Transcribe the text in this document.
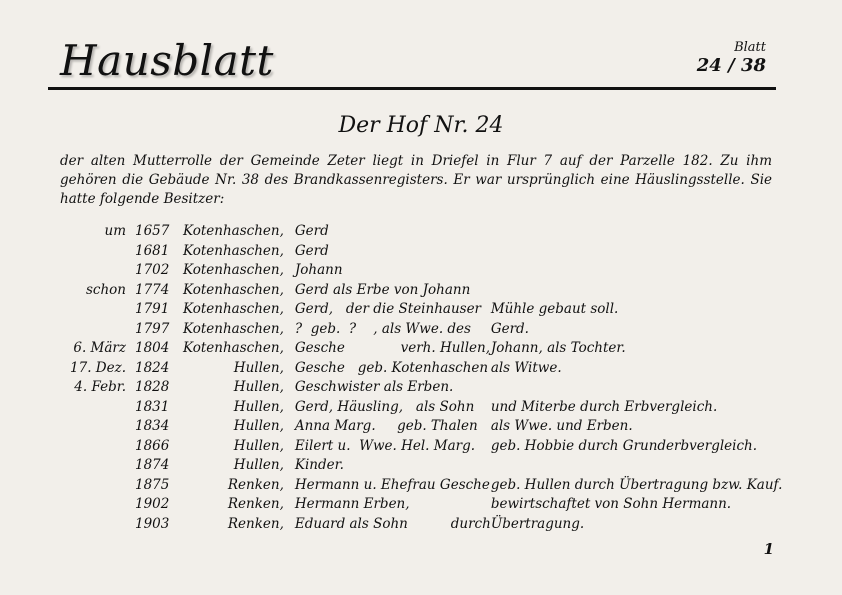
Hausblatt	Blatt
24 / 38
Der Hof Nr. 24
der alten Mutterrolle der Gemeinde Zeter liegt in Driefel in Flur 7 auf der Parzelle 182. Zu ihm gehören die Gebäude Nr. 38 des Brandkassenregisters. Er war ursprünglich eine Häuslingsstelle. Sie hatte folgende Besitzer:
um	1657	Kotenhaschen,	Gerd	
	1681	Kotenhaschen,	Gerd	
	1702	Kotenhaschen,	Johann	
schon	1774	Kotenhaschen,	Gerd als Erbe von Johann	
	1791	Kotenhaschen,	Gerd,   der die Steinhauser	Mühle gebaut soll.
	1797	Kotenhaschen,	?  geb.  ?    , als Wwe. des	Gerd.
6. März	1804	Kotenhaschen,	Gesche             verh. Hullen,	Johann, als Tochter.
17. Dez.	1824	Hullen,	Gesche   geb. Kotenhaschen	als Witwe.
4. Febr.	1828	Hullen,	Geschwister als Erben.	
	1831	Hullen,	Gerd, Häusling,   als Sohn	und Miterbe durch Erbvergleich.
	1834	Hullen,	Anna Marg.     geb. Thalen	als Wwe. und Erben.
	1866	Hullen,	Eilert u.  Wwe. Hel. Marg.	geb. Hobbie durch Grunderbvergleich.
	1874	Hullen,	Kinder.	
	1875	Renken,	Hermann u. Ehefrau Gesche	geb. Hullen durch Übertragung bzw. Kauf.
	1902	Renken,	Hermann Erben,	bewirtschaftet von Sohn Hermann.
	1903	Renken,	Eduard als Sohn          durch	Übertragung.
1
